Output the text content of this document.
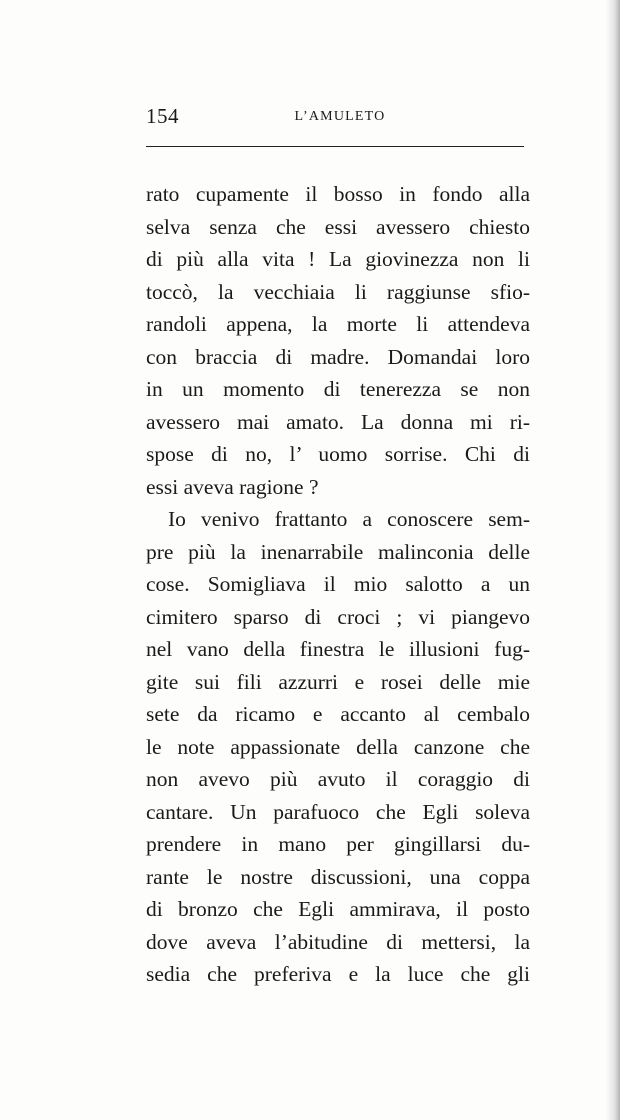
154	L’AMULETO
rato cupamente il bosso in fondo alla
selva senza che essi avessero chiesto
di più alla vita ! La giovinezza non li
toccò, la vecchiaia li raggiunse sfio-
randoli appena, la morte li attendeva
con braccia di madre. Domandai loro
in un momento di tenerezza se non
avessero mai amato. La donna mi ri-
spose di no, l’ uomo sorrise. Chi di
essi aveva ragione ?
Io venivo frattanto a conoscere sem-
pre più la inenarrabile malinconia delle
cose. Somigliava il mio salotto a un
cimitero sparso di croci ; vi piangevo
nel vano della finestra le illusioni fug-
gite sui fili azzurri e rosei delle mie
sete da ricamo e accanto al cembalo
le note appassionate della canzone che
non avevo più avuto il coraggio di
cantare. Un parafuoco che Egli soleva
prendere in mano per gingillarsi du-
rante le nostre discussioni, una coppa
di bronzo che Egli ammirava, il posto
dove aveva l’abitudine di mettersi, la
sedia che preferiva e la luce che gli
